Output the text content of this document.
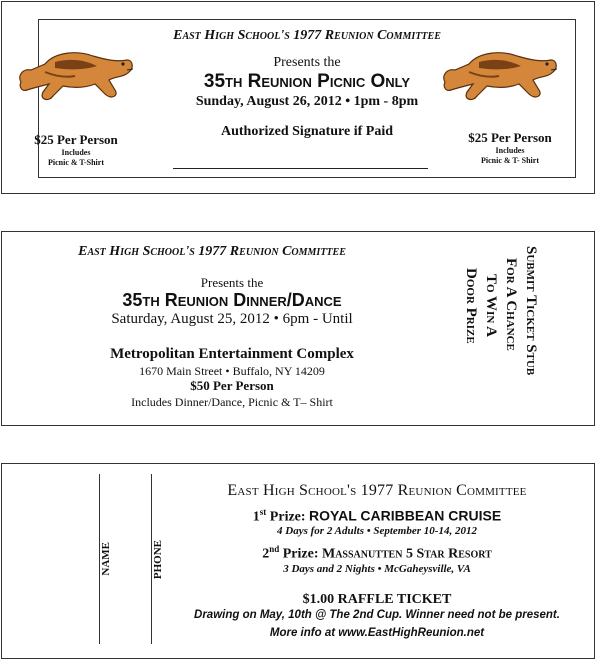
East High School's 1977 Reunion Committee
Presents the
35th Reunion Picnic Only
Sunday, August 26, 2012 • 1pm - 8pm
Authorized Signature if Paid
$25 Per Person
Includes
Picnic & T-Shirt
$25 Per Person
Includes
Picnic & T- Shirt
East High School's 1977 Reunion Committee
Presents the
35th Reunion Dinner/Dance
Saturday, August 25, 2012 • 6pm - Until
Metropolitan Entertainment Complex
1670 Main Street • Buffalo, NY 14209
$50 Per Person
Includes Dinner/Dance, Picnic & T– Shirt
Submit Ticket Stub
For A Chance
To Win A
Door Prize
NAME	PHONE
East High School's 1977 Reunion Committee
1st Prize: ROYAL CARIBBEAN CRUISE
4 Days for 2 Adults • September 10-14, 2012
2nd Prize: Massanutten 5 Star Resort
3 Days and 2 Nights • McGaheysville, VA
$1.00 RAFFLE TICKET
Drawing on May, 10th @ The 2nd Cup. Winner need not be present.
More info at www.EastHighReunion.net
